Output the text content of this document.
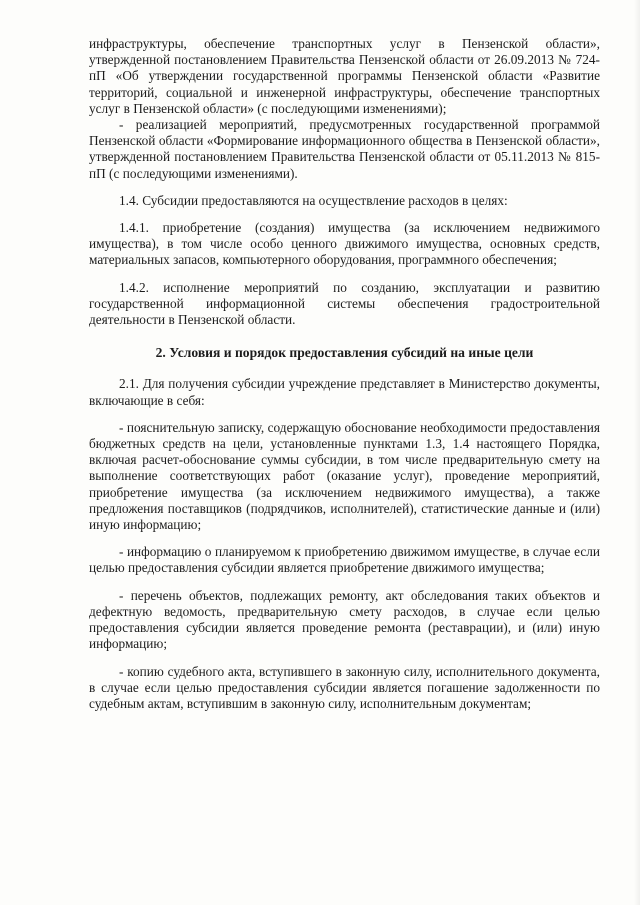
инфраструктуры, обеспечение транспортных услуг в Пензенской области», утвержденной постановлением Правительства Пензенской области от 26.09.2013 № 724-пП «Об утверждении государственной программы Пензенской области «Развитие территорий, социальной и инженерной инфраструктуры, обеспечение транспортных услуг в Пензенской области» (с последующими изменениями);

- реализацией мероприятий, предусмотренных государственной программой Пензенской области «Формирование информационного общества в Пензенской области», утвержденной постановлением Правительства Пензенской области от 05.11.2013 № 815-пП (с последующими изменениями).

1.4. Субсидии предоставляются на осуществление расходов в целях:

1.4.1. приобретение (создания) имущества (за исключением недвижимого имущества), в том числе особо ценного движимого имущества, основных средств, материальных запасов, компьютерного оборудования, программного обеспечения;

1.4.2. исполнение мероприятий по созданию, эксплуатации и развитию государственной информационной системы обеспечения градостроительной деятельности в Пензенской области.

2. Условия и порядок предоставления субсидий на иные цели

2.1. Для получения субсидии учреждение представляет в Министерство документы, включающие в себя:

- пояснительную записку, содержащую обоснование необходимости предоставления бюджетных средств на цели, установленные пунктами 1.3, 1.4 настоящего Порядка, включая расчет-обоснование суммы субсидии, в том числе предварительную смету на выполнение соответствующих работ (оказание услуг), проведение мероприятий, приобретение имущества (за исключением недвижимого имущества), а также предложения поставщиков (подрядчиков, исполнителей), статистические данные и (или) иную информацию;

- информацию о планируемом к приобретению движимом имуществе, в случае если целью предоставления субсидии является приобретение движимого имущества;

- перечень объектов, подлежащих ремонту, акт обследования таких объектов и дефектную ведомость, предварительную смету расходов, в случае если целью предоставления субсидии является проведение ремонта (реставрации), и (или) иную информацию;

- копию судебного акта, вступившего в законную силу, исполнительного документа, в случае если целью предоставления субсидии является погашение задолженности по судебным актам, вступившим в законную силу, исполнительным документам;
